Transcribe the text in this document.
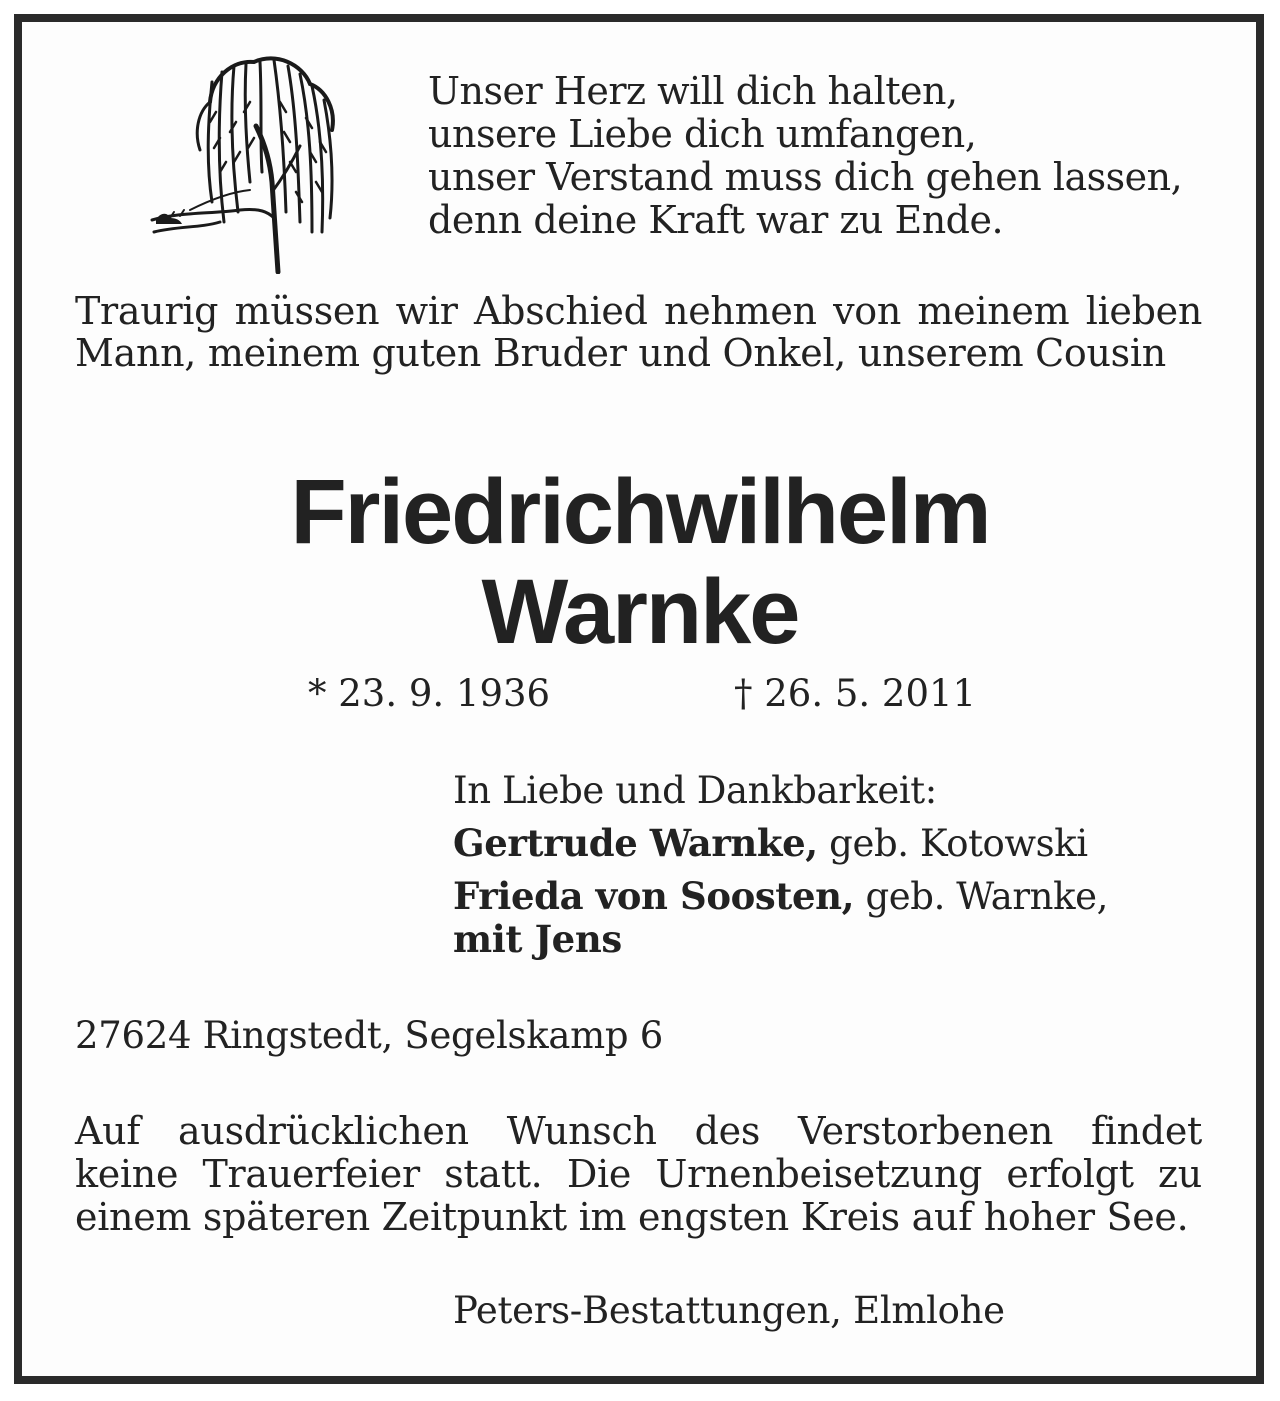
Unser Herz will dich halten,
unsere Liebe dich umfangen,
unser Verstand muss dich gehen lassen,
denn deine Kraft war zu Ende.

Traurig müssen wir Abschied nehmen von meinem lieben Mann, meinem guten Bruder und Onkel, unserem Cousin

Friedrichwilhelm
Warnke
* 23. 9. 1936	† 26. 5. 2011
In Liebe und Dankbarkeit:
Gertrude Warnke, geb. Kotowski
Frieda von Soosten, geb. Warnke,
mit Jens
27624 Ringstedt, Segelskamp 6
Auf ausdrücklichen Wunsch des Verstorbenen findet
keine Trauerfeier statt. Die Urnenbeisetzung erfolgt zu
einem späteren Zeitpunkt im engsten Kreis auf hoher See.
Peters-Bestattungen, Elmlohe
